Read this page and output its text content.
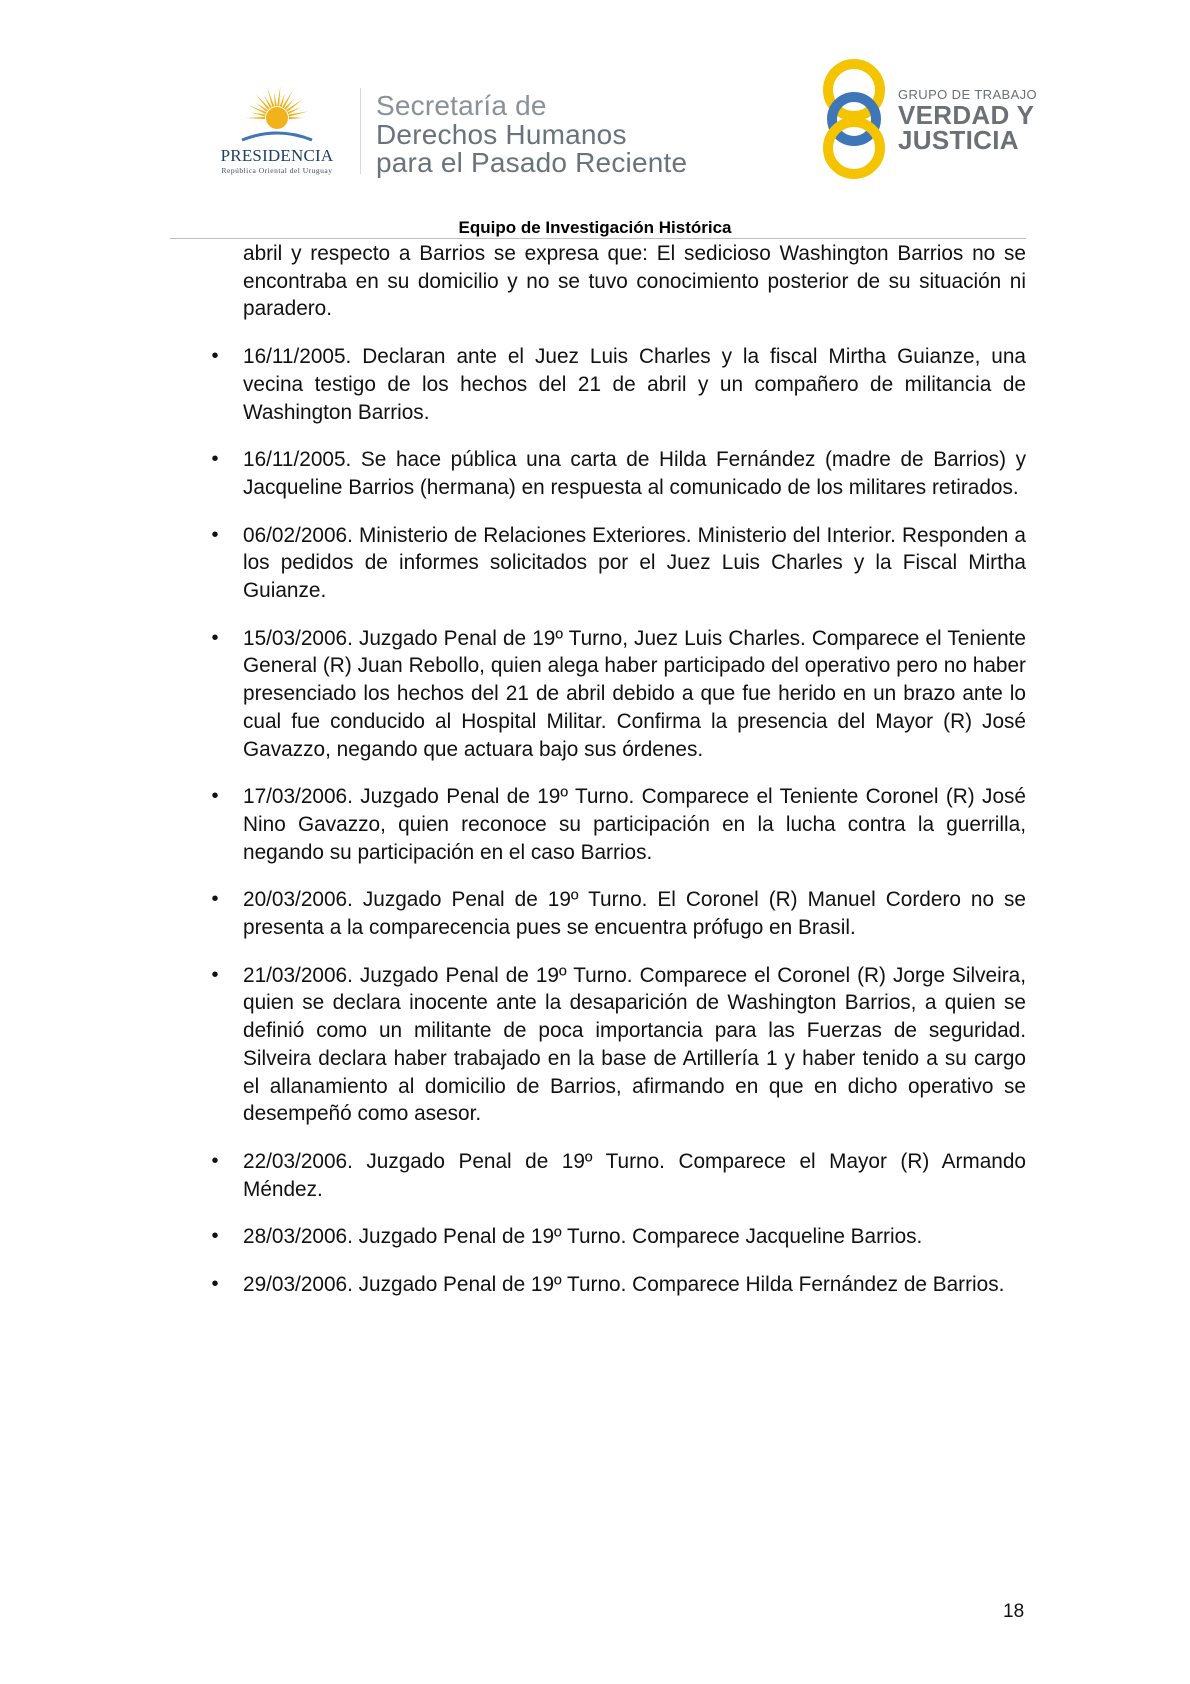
PRESIDENCIA
República Oriental del Uruguay
Secretaría de
Derechos Humanos
para el Pasado Reciente
GRUPO DE TRABAJO
VERDAD Y
JUSTICIA
Equipo de Investigación Histórica

abril y respecto a Barrios se expresa que: El sedicioso Washington Barrios no se encontraba en su domicilio y no se tuvo conocimiento posterior de su situación ni paradero.

• 16/11/2005. Declaran ante el Juez Luis Charles y la fiscal Mirtha Guianze, una vecina testigo de los hechos del 21 de abril y un compañero de militancia de Washington Barrios.
• 16/11/2005. Se hace pública una carta de Hilda Fernández (madre de Barrios) y Jacqueline Barrios (hermana) en respuesta al comunicado de los militares retirados.
• 06/02/2006. Ministerio de Relaciones Exteriores. Ministerio del Interior. Responden a los pedidos de informes solicitados por el Juez Luis Charles y la Fiscal Mirtha Guianze.
• 15/03/2006. Juzgado Penal de 19º Turno, Juez Luis Charles. Comparece el Teniente General (R) Juan Rebollo, quien alega haber participado del operativo pero no haber presenciado los hechos del 21 de abril debido a que fue herido en un brazo ante lo cual fue conducido al Hospital Militar. Confirma la presencia del Mayor (R) José Gavazzo, negando que actuara bajo sus órdenes.
• 17/03/2006. Juzgado Penal de 19º Turno. Comparece el Teniente Coronel (R) José Nino Gavazzo, quien reconoce su participación en la lucha contra la guerrilla, negando su participación en el caso Barrios.
• 20/03/2006. Juzgado Penal de 19º Turno. El Coronel (R) Manuel Cordero no se presenta a la comparecencia pues se encuentra prófugo en Brasil.
• 21/03/2006. Juzgado Penal de 19º Turno. Comparece el Coronel (R) Jorge Silveira, quien se declara inocente ante la desaparición de Washington Barrios, a quien se definió como un militante de poca importancia para las Fuerzas de seguridad. Silveira declara haber trabajado en la base de Artillería 1 y haber tenido a su cargo el allanamiento al domicilio de Barrios, afirmando en que en dicho operativo se desempeñó como asesor.
• 22/03/2006. Juzgado Penal de 19º Turno. Comparece el Mayor (R) Armando Méndez.
• 28/03/2006. Juzgado Penal de 19º Turno. Comparece Jacqueline Barrios.
• 29/03/2006. Juzgado Penal de 19º Turno. Comparece Hilda Fernández de Barrios.
18
